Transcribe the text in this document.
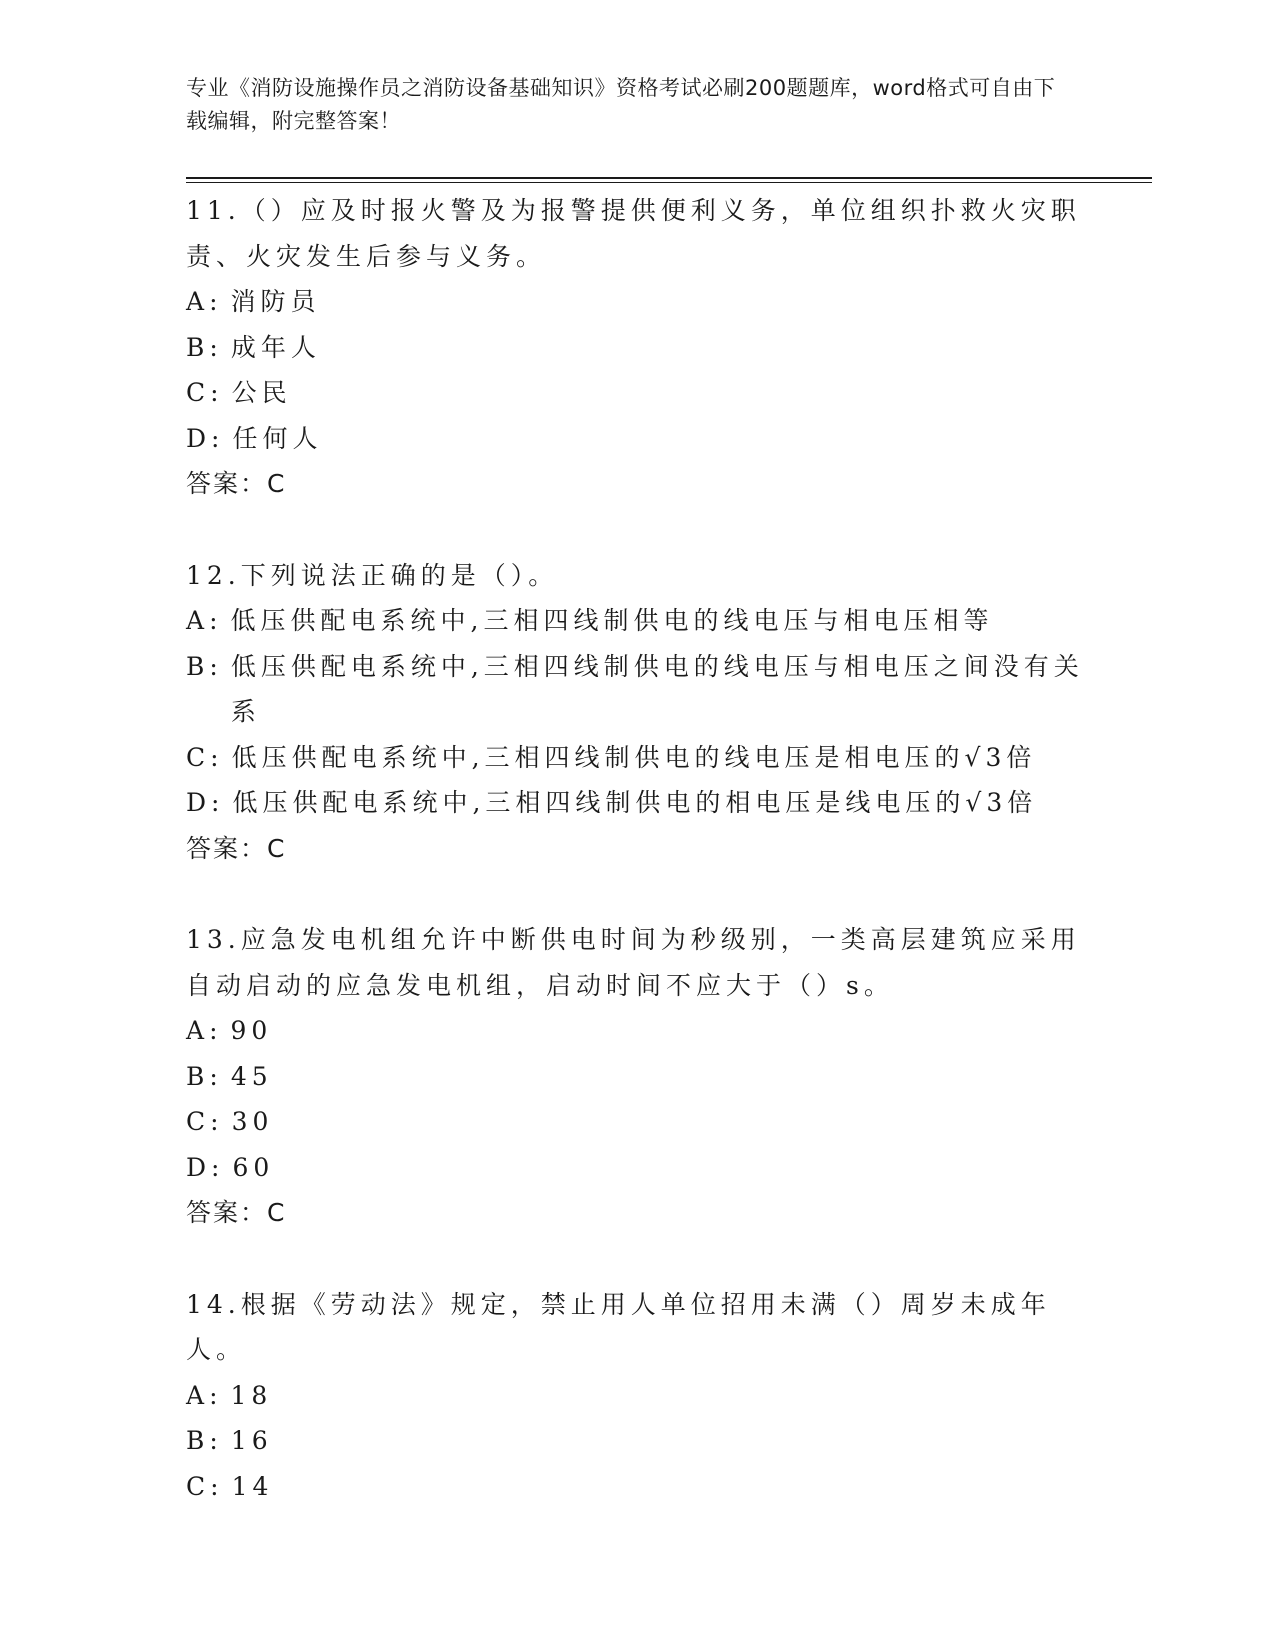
专业《消防设施操作员之消防设备基础知识》资格考试必刷200题题库，word格式可自由下载编辑，附完整答案！

11.（）应及时报火警及为报警提供便利义务，单位组织扑救火灾职责、火灾发生后参与义务。

A : 消防员

B : 成年人

C : 公民

D : 任何人

答案：C

12.下列说法正确的是（）。

A : 低压供配电系统中,三相四线制供电的线电压与相电压相等

B : 低压供配电系统中,三相四线制供电的线电压与相电压之间没有关系

C : 低压供配电系统中,三相四线制供电的线电压是相电压的√3倍

D : 低压供配电系统中,三相四线制供电的相电压是线电压的√3倍

答案：C

13.应急发电机组允许中断供电时间为秒级别，一类高层建筑应采用自动启动的应急发电机组，启动时间不应大于（）s。

A : 90

B : 45

C : 30

D : 60

答案：C

14.根据《劳动法》规定，禁止用人单位招用未满（）周岁未成年人。

A : 18

B : 16

C : 14
